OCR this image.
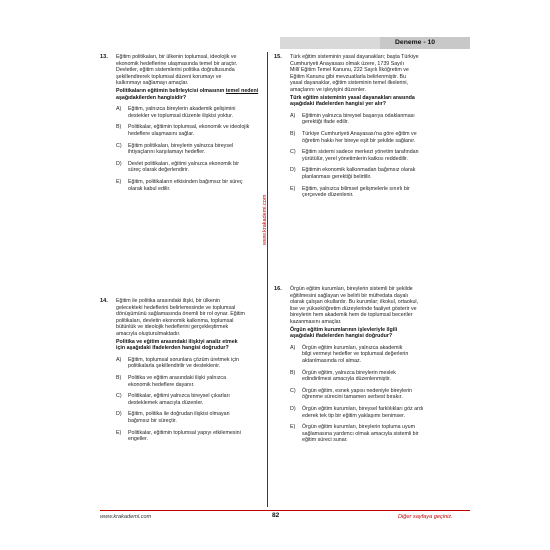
Deneme - 10
www.krakademi.com
13. Eğitim politikaları, bir ülkenin toplumsal, ideolojik ve

ekonomik hedeflerine ulaşmasında temel bir araçtır.

Devletler, eğitim sistemlerini politika doğrultusunda

şekillendirerek toplumsal düzeni korumayı ve

kalkınmayı sağlamayı amaçlar.

Politikaların eğitimin belirleyicisi olmasının temel nedeni
aşağıdakilerden hangisidir?
A) Eğitim, yalnızca bireylerin akademik gelişimini
destekler ve toplumsal düzenle ilişkisi yoktur.
B) Politikalar, eğitimin toplumsal, ekonomik ve ideolojik
hedeflere ulaşmasını sağlar.
C) Eğitim politikaları, bireylerin yalnızca bireysel
ihtiyaçlarını karşılamayı hedefler.
D) Devlet politikaları, eğitimi yalnızca ekonomik bir
süreç olarak değerlendirir.
E) Eğitim, politikaların etkisinden bağımsız bir süreç
olarak kabul edilir.
14. Eğitim ile politika arasındaki ilişki, bir ülkenin

gelecekteki hedeflerini belirlemesinde ve toplumsal

dönüşümünü sağlamasında önemli bir rol oynar. Eğitim

politikaları, devletin ekonomik kalkınma, toplumsal

bütünlük ve ideolojik hedeflerini gerçekleştirmek

amacıyla oluşturulmaktadır.

Politika ve eğitim arasındaki ilişkiyi analiz etmek
için aşağıdaki ifadelerden hangisi doğrudur?
A) Eğitim, toplumsal sorunlara çözüm üretmek için
politikalarla şekillendirilir ve desteklenir.
B) Politika ve eğitim arasındaki ilişki yalnızca
ekonomik hedeflere dayanır.
C) Politikalar, eğitimi yalnızca bireysel çıkarları
desteklemek amacıyla düzenler.
D) Eğitim, politika ile doğrudan ilişkisi olmayan
bağımsız bir süreçtir.
E) Politikalar, eğitimin toplumsal yapıyı etkilemesini
engeller.
15. Türk eğitim sisteminin yasal dayanakları; başta Türkiye

Cumhuriyeti Anayasası olmak üzere, 1739 Sayılı

Millî Eğitim Temel Kanunu, 222 Sayılı İlköğretim ve

Eğitim Kanunu gibi mevzuatlarla belirlenmiştir. Bu

yasal dayanaklar, eğitim sisteminin temel ilkelerini,

amaçlarını ve işleyişini düzenler.

Türk eğitim sisteminin yasal dayanakları arasında
aşağıdaki ifadelerden hangisi yer alır?
A) Eğitimin yalnızca bireysel başarıya odaklanması
gerektiği ifade edilir.
B) Türkiye Cumhuriyeti Anayasası'na göre eğitim ve
öğretim hakkı her bireye eşit bir şekilde sağlanır.
C) Eğitim sistemi sadece merkezi yönetim tarafından
yürütülür, yerel yönetimlerin katkısı reddedilir.
D) Eğitimin ekonomik kalkınmadan bağımsız olarak
planlanması gerektiği belirtilir.
E) Eğitim, yalnızca bilimsel gelişmelerle sınırlı bir
çerçevede düzenlenir.
16. Örgün eğitim kurumları, bireylerin sistemli bir şekilde

eğitilmesini sağlayan ve belirli bir müfredata dayalı

olarak çalışan okullardır. Bu kurumlar; ilkokul, ortaokul,

lise ve yükseköğretim düzeylerinde faaliyet gösterir ve

bireylerin hem akademik hem de toplumsal beceriler

kazanmasını amaçlar.

Örgün eğitim kurumlarının işlevleriyle ilgili
aşağıdaki ifadelerden hangisi doğrudur?
A) Örgün eğitim kurumları, yalnızca akademik
bilgi vermeyi hedefler ve toplumsal değerlerin
aktarılmasında rol almaz.
B) Örgün eğitim, yalnızca bireylerin meslek
edindirilmesi amacıyla düzenlenmiştir.
C) Örgün eğitim, esnek yapısı nedeniyle bireylerin
öğrenme sürecini tamamen serbest bırakır.
D) Örgün eğitim kurumları, bireysel farklılıkları göz ardı
ederek tek tip bir eğitim yaklaşımı benimser.
E) Örgün eğitim kurumları, bireylerin topluma uyum
sağlamasına yardımcı olmak amacıyla sistemli bir
eğitim süreci sunar.
www.krakademi.com	82	Diğer sayfaya geçiniz.
